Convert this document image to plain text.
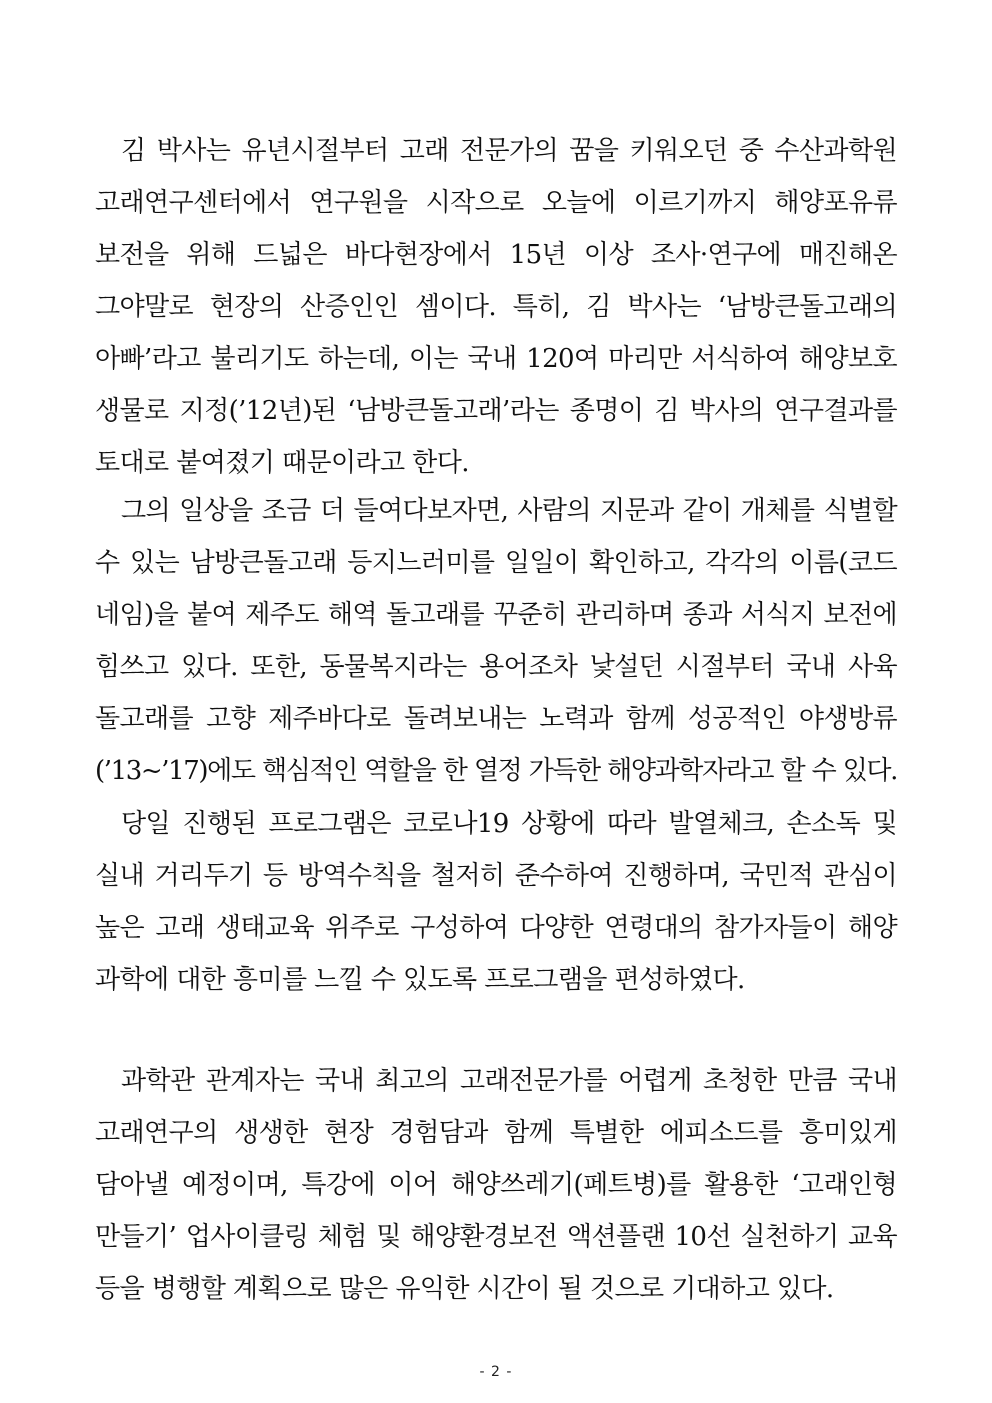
김 박사는 유년시절부터 고래 전문가의 꿈을 키워오던 중 수산과학원
고래연구센터에서 연구원을 시작으로 오늘에 이르기까지 해양포유류
보전을 위해 드넓은 바다현장에서 15년 이상 조사·연구에 매진해온
그야말로 현장의 산증인인 셈이다. 특히, 김 박사는 ‘남방큰돌고래의
아빠’라고 불리기도 하는데, 이는 국내 120여 마리만 서식하여 해양보호
생물로 지정(’12년)된 ‘남방큰돌고래’라는 종명이 김 박사의 연구결과를
토대로 붙여졌기 때문이라고 한다.
그의 일상을 조금 더 들여다보자면, 사람의 지문과 같이 개체를 식별할
수 있는 남방큰돌고래 등지느러미를 일일이 확인하고, 각각의 이름(코드
네임)을 붙여 제주도 해역 돌고래를 꾸준히 관리하며 종과 서식지 보전에
힘쓰고 있다. 또한, 동물복지라는 용어조차 낯설던 시절부터 국내 사육
돌고래를 고향 제주바다로 돌려보내는 노력과 함께 성공적인 야생방류
(’13~’17)에도 핵심적인 역할을 한 열정 가득한 해양과학자라고 할 수 있다.
당일 진행된 프로그램은 코로나19 상황에 따라 발열체크, 손소독 및
실내 거리두기 등 방역수칙을 철저히 준수하여 진행하며, 국민적 관심이
높은 고래 생태교육 위주로 구성하여 다양한 연령대의 참가자들이 해양
과학에 대한 흥미를 느낄 수 있도록 프로그램을 편성하였다.
과학관 관계자는 국내 최고의 고래전문가를 어렵게 초청한 만큼 국내
고래연구의 생생한 현장 경험담과 함께 특별한 에피소드를 흥미있게
담아낼 예정이며, 특강에 이어 해양쓰레기(페트병)를 활용한 ‘고래인형
만들기’ 업사이클링 체험 및 해양환경보전 액션플랜 10선 실천하기 교육
등을 병행할 계획으로 많은 유익한 시간이 될 것으로 기대하고 있다.
- 2 -
